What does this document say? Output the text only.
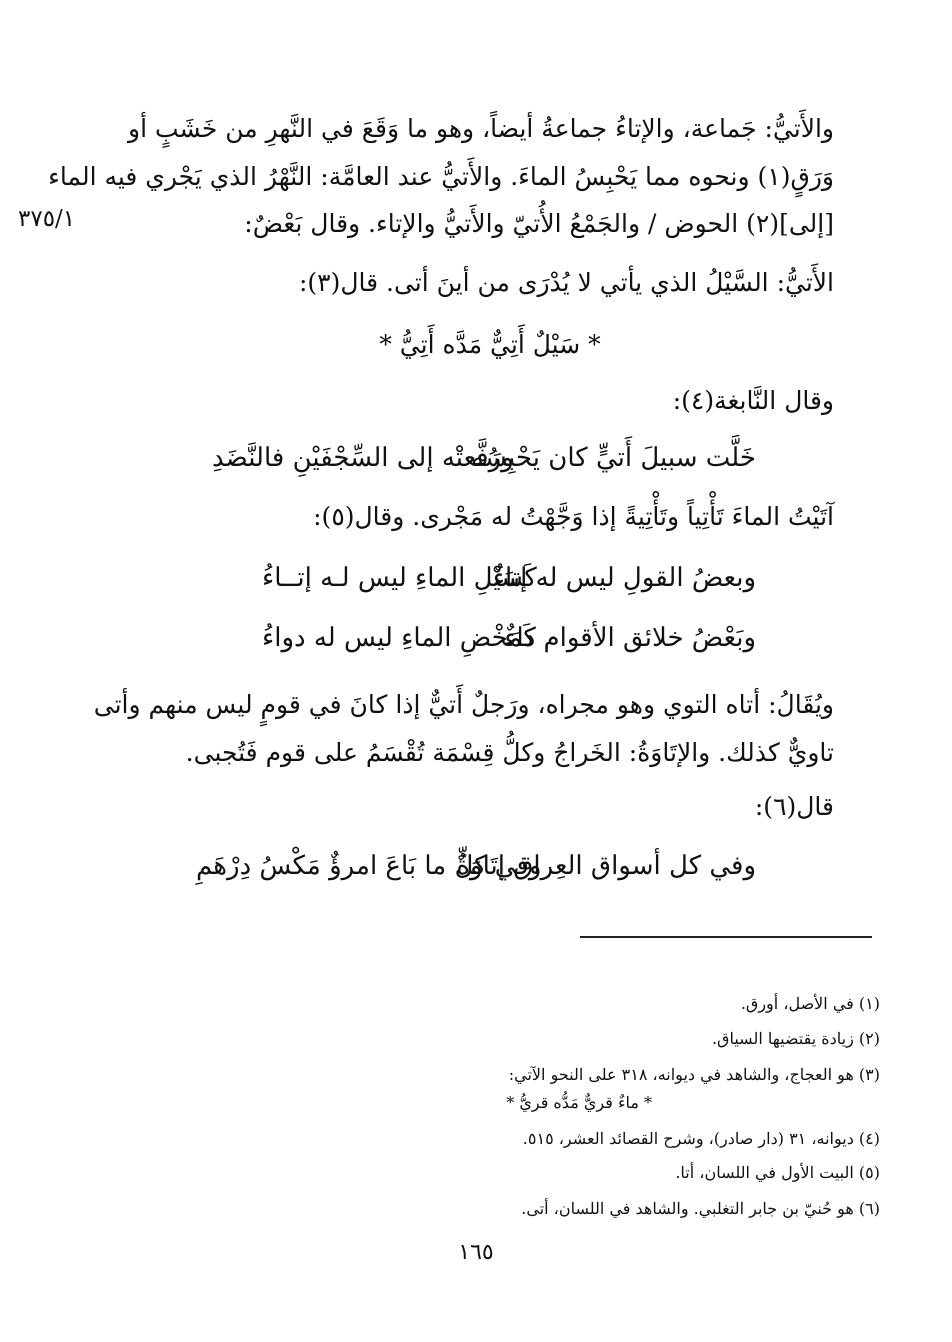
٣٧٥/١
والأَتيُّ: جَماعة، والإتاءُ جماعةُ أيضاً، وهو ما وَقَعَ في النَّهرِ من خَشَبٍ أو
وَرَقٍ(١) ونحوه مما يَحْبِسُ الماءَ. والأَتيُّ عند العامَّة: النَّهْرُ الذي يَجْري فيه الماء
[إلى](٢) الحوض / والجَمْعُ الأُتيّ والأَتيُّ والإتاء. وقال بَعْضٌ:
الأَتيُّ: السَّيْلُ الذي يأتي لا يُدْرَى من أينَ أتى. قال(٣):
* سَيْلٌ أَتِيٌّ مَدَّه أَتِيُّ *
وقال النَّابغة(٤):
خَلَّت سبيلَ أَتيٍّ كان يَحْبِسُه
ورَفَّعتْه إلى السِّجْفَيْنِ فالنَّضَدِ
آتَيْتُ الماءَ تَأْتِياً وتَأْتِيةً إذا وَجَّهْتُ له مَجْرى. وقال(٥):
وبعضُ القولِ ليس له إتاءٌ
كَسَيْلِ الماءِ ليس لـه إتــاءُ
وبَعْضُ خلائق الأقوام داءٌ
كَمَخْضِ الماءِ ليس له دواءُ
ويُقَالُ: أتاه التوي وهو مجراه، ورَجلٌ أَتيٌّ إذا كانَ في قومٍ ليس منهم وأتى
تاويٌّ كذلك. والإتَاوَةُ: الخَراجُ وكلُّ قِسْمَة تُقْسَمُ على قوم فَتُجبى.
قال(٦):
وفي كل أسواق العِراق إتَاوَةٌ
وفي كلِّ ما بَاعَ امرؤٌ مَكْسُ دِرْهَمِ
(١) في الأصل، أورق.
(٢) زيادة يقتضيها السياق.
(٣) هو العجاج، والشاهد في ديوانه، ٣١٨ على النحو الآتي:
* ماءٌ قريٌّ مَدُّه قريُّ *
(٤) ديوانه، ٣١ (دار صادر)، وشرح القصائد العشر، ٥١٥.
(٥) البيت الأول في اللسان، أتا.
(٦) هو حُنيّ بن جابر التغلبي. والشاهد في اللسان، أتى.
١٦٥
